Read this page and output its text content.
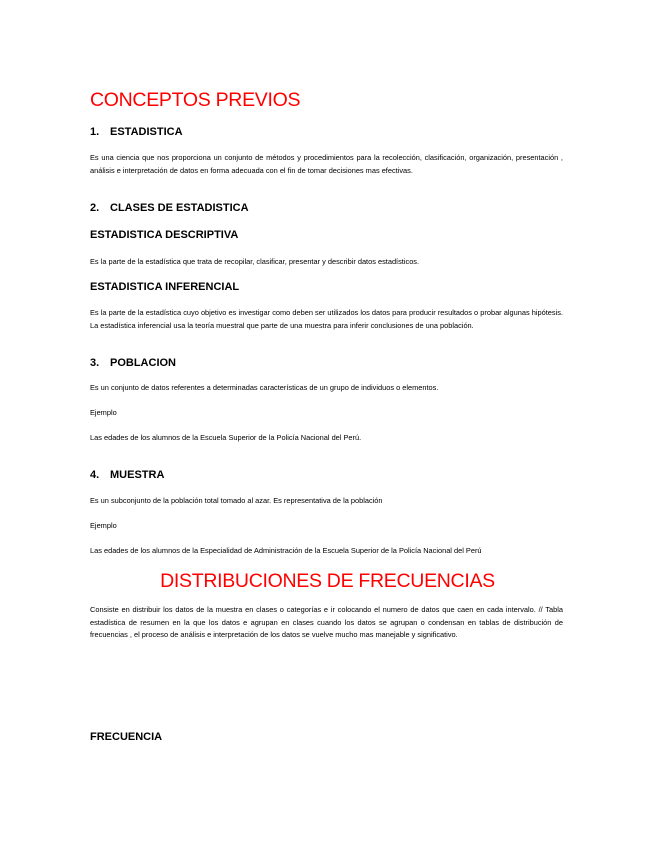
CONCEPTOS PREVIOS
1. ESTADISTICA

Es una ciencia que nos proporciona un conjunto de métodos y procedimientos para la recolección, clasificación, organización, presentación , análisis e interpretación de datos en forma adecuada con el fin de tomar decisiones mas efectivas.

2. CLASES DE ESTADISTICA
ESTADISTICA DESCRIPTIVA

Es la parte de la estadística que trata de recopilar, clasificar, presentar y describir datos estadísticos.

ESTADISTICA INFERENCIAL

Es la parte de la estadística cuyo objetivo es investigar como deben ser utilizados los datos para producir resultados o probar algunas hipótesis. La estadística inferencial usa la teoría muestral que parte de una muestra para inferir conclusiones de una población.

3. POBLACION

Es un conjunto de datos referentes a determinadas características de un grupo de individuos o elementos.

Ejemplo

Las edades de los alumnos de la Escuela Superior de la Policía Nacional del Perú.

4. MUESTRA

Es un subconjunto de la población total tomado al azar. Es representativa de la población

Ejemplo

Las edades de los alumnos de la Especialidad de Administración de la Escuela Superior de la Policía Nacional del Perú

DISTRIBUCIONES DE FRECUENCIAS

Consiste en distribuir los datos de la muestra en clases o categorías e ir colocando el numero de datos que caen en cada intervalo. // Tabla estadística de resumen en la que los datos e agrupan en clases cuando los datos se agrupan o condensan en tablas de distribución de frecuencias , el proceso de análisis e interpretación de los datos se vuelve mucho mas manejable y significativo.

FRECUENCIA
